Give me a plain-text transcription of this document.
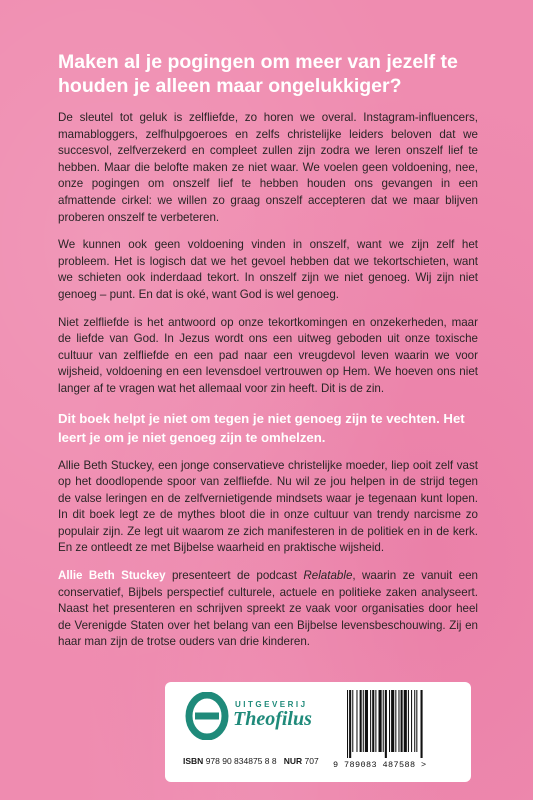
Maken al je pogingen om meer van jezelf te houden je alleen maar ongelukkiger?

De sleutel tot geluk is zelfliefde, zo horen we overal. Instagram-influencers, mamabloggers, zelfhulpgoeroes en zelfs christelijke leiders beloven dat we succesvol, zelfverzekerd en compleet zullen zijn zodra we leren onszelf lief te hebben. Maar die belofte maken ze niet waar. We voelen geen voldoening, nee, onze pogingen om onszelf lief te hebben houden ons gevangen in een afmattende cirkel: we willen zo graag onszelf accepteren dat we maar blijven proberen onszelf te verbeteren.

We kunnen ook geen voldoening vinden in onszelf, want we zijn zelf het probleem. Het is logisch dat we het gevoel hebben dat we tekortschieten, want we schieten ook inderdaad tekort. In onszelf zijn we niet genoeg. Wij zijn niet genoeg – punt. En dat is oké, want God is wel genoeg.

Niet zelfliefde is het antwoord op onze tekortkomingen en onzekerheden, maar de liefde van God. In Jezus wordt ons een uitweg geboden uit onze toxische cultuur van zelfliefde en een pad naar een vreugdevol leven waarin we voor wijsheid, voldoening en een levensdoel vertrouwen op Hem. We hoeven ons niet langer af te vragen wat het allemaal voor zin heeft. Dit is de zin.

Dit boek helpt je niet om tegen je niet genoeg zijn te vechten. Het leert je om je niet genoeg zijn te omhelzen.

Allie Beth Stuckey, een jonge conservatieve christelijke moeder, liep ooit zelf vast op het doodlopende spoor van zelfliefde. Nu wil ze jou helpen in de strijd tegen de valse leringen en de zelfvernietigende mindsets waar je tegenaan kunt lopen. In dit boek legt ze de mythes bloot die in onze cultuur van trendy narcisme zo populair zijn. Ze legt uit waarom ze zich manifesteren in de politiek en in de kerk. En ze ontleedt ze met Bijbelse waarheid en praktische wijsheid.

Allie Beth Stuckey presenteert de podcast Relatable, waarin ze vanuit een conservatief, Bijbels perspectief culturele, actuele en politieke zaken analyseert. Naast het presenteren en schrijven spreekt ze vaak voor organisaties door heel de Verenigde Staten over het belang van een Bijbelse levensbeschouwing. Zij en haar man zijn de trotse ouders van drie kinderen.

UITGEVERIJ
Theofilus
ISBN 978 90 834875 8 8 NUR 707 9 789083 487588 >
